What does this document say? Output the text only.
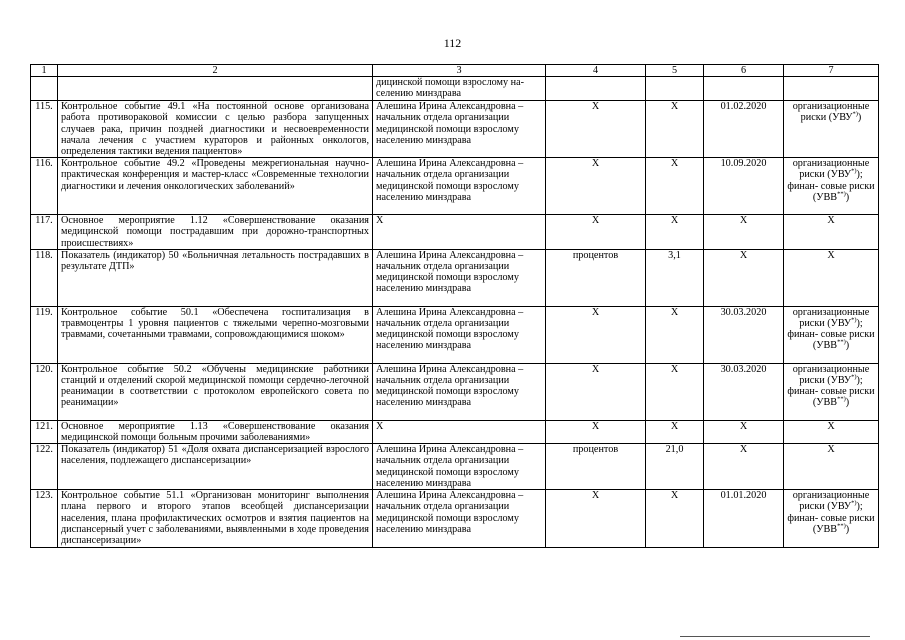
112
1	2	3	4	5	6	7
		дицинской помощи взрослому на-селению минздрава				
115.	Контрольное событие 49.1 «На постоянной основе организована работа противораковой комиссии с целью разбора запущенных случаев рака, причин поздней диагностики и несвоевременности начала лечения с участием кураторов и районных онкологов, определения тактики ведения пациентов»	Алешина Ирина Александровна – начальник отдела организации медицинской помощи взрослому населению минздрава	X	X	01.02.2020	организационные риски (УВУ*))
116.	Контрольное событие 49.2 «Проведены межрегиональная научно-практическая конференция и мастер-класс «Современные технологии диагностики и лечения онкологических заболеваний»	Алешина Ирина Александровна – начальник отдела организации медицинской помощи взрослому населению минздрава	X	X	10.09.2020	организационные риски (УВУ*)); финан- совые риски (УВВ**))
117.	Основное мероприятие 1.12 «Совершенствование оказания медицинской помощи пострадавшим при дорожно-транспортных происшествиях»	X	X	X	X	X
118.	Показатель (индикатор) 50 «Больничная летальность пострадавших в результате ДТП»	Алешина Ирина Александровна – начальник отдела организации медицинской помощи взрослому населению минздрава	процентов	3,1	X	X
119.	Контрольное событие 50.1 «Обеспечена госпитализация в травмоцентры 1 уровня пациентов с тяжелыми черепно-мозговыми травмами, сочетанными травмами, сопровождающимися шоком»	Алешина Ирина Александровна – начальник отдела организации медицинской помощи взрослому населению минздрава	X	X	30.03.2020	организационные риски (УВУ*)); финан- совые риски (УВВ**))
120.	Контрольное событие 50.2 «Обучены медицинские работники станций и отделений скорой медицинской помощи сердечно-легочной реанимации в соответствии с протоколом европейского совета по реанимации»	Алешина Ирина Александровна – начальник отдела организации медицинской помощи взрослому населению минздрава	X	X	30.03.2020	организационные риски (УВУ*)); финан- совые риски (УВВ**))
121.	Основное мероприятие 1.13 «Совершенствование оказания медицинской помощи больным прочими заболеваниями»	X	X	X	X	X
122.	Показатель (индикатор) 51 «Доля охвата диспансеризацией взрослого населения, подлежащего диспансеризации»	Алешина Ирина Александровна – начальник отдела организации медицинской помощи взрослому населению минздрава	процентов	21,0	X	X
123.	Контрольное событие 51.1 «Организован мониторинг выполнения плана первого и второго этапов всеобщей диспансеризации населения, плана профилактических осмотров и взятия пациентов на диспансерный учет с заболеваниями, выявленными в ходе проведения диспансеризации»	Алешина Ирина Александровна – начальник отдела организации медицинской помощи взрослому населению минздрава	X	X	01.01.2020	организационные риски (УВУ*)); финан- совые риски (УВВ**))
